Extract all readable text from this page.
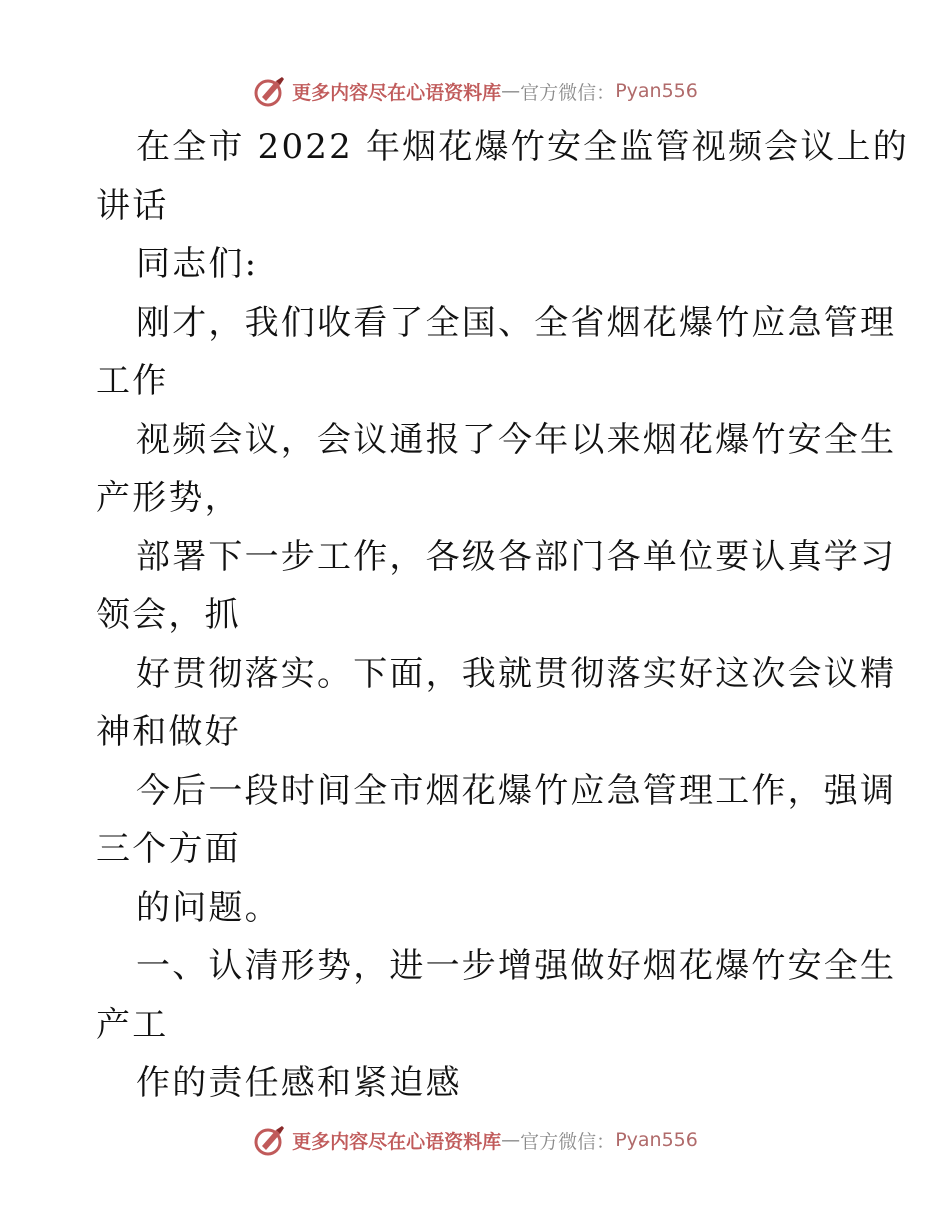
更多内容尽在心语资料库 — 官方微信： Pyan556
在全市 2022 年烟花爆竹安全监管视频会议上的
讲话
同志们:
刚才，我们收看了全国、全省烟花爆竹应急管理
工作
视频会议，会议通报了今年以来烟花爆竹安全生
产形势，
部署下一步工作，各级各部门各单位要认真学习
领会，抓
好贯彻落实。下面，我就贯彻落实好这次会议精
神和做好
今后一段时间全市烟花爆竹应急管理工作，强调
三个方面
的问题。
一、认清形势，进一步增强做好烟花爆竹安全生
产工
作的责任感和紧迫感
更多内容尽在心语资料库 — 官方微信： Pyan556
